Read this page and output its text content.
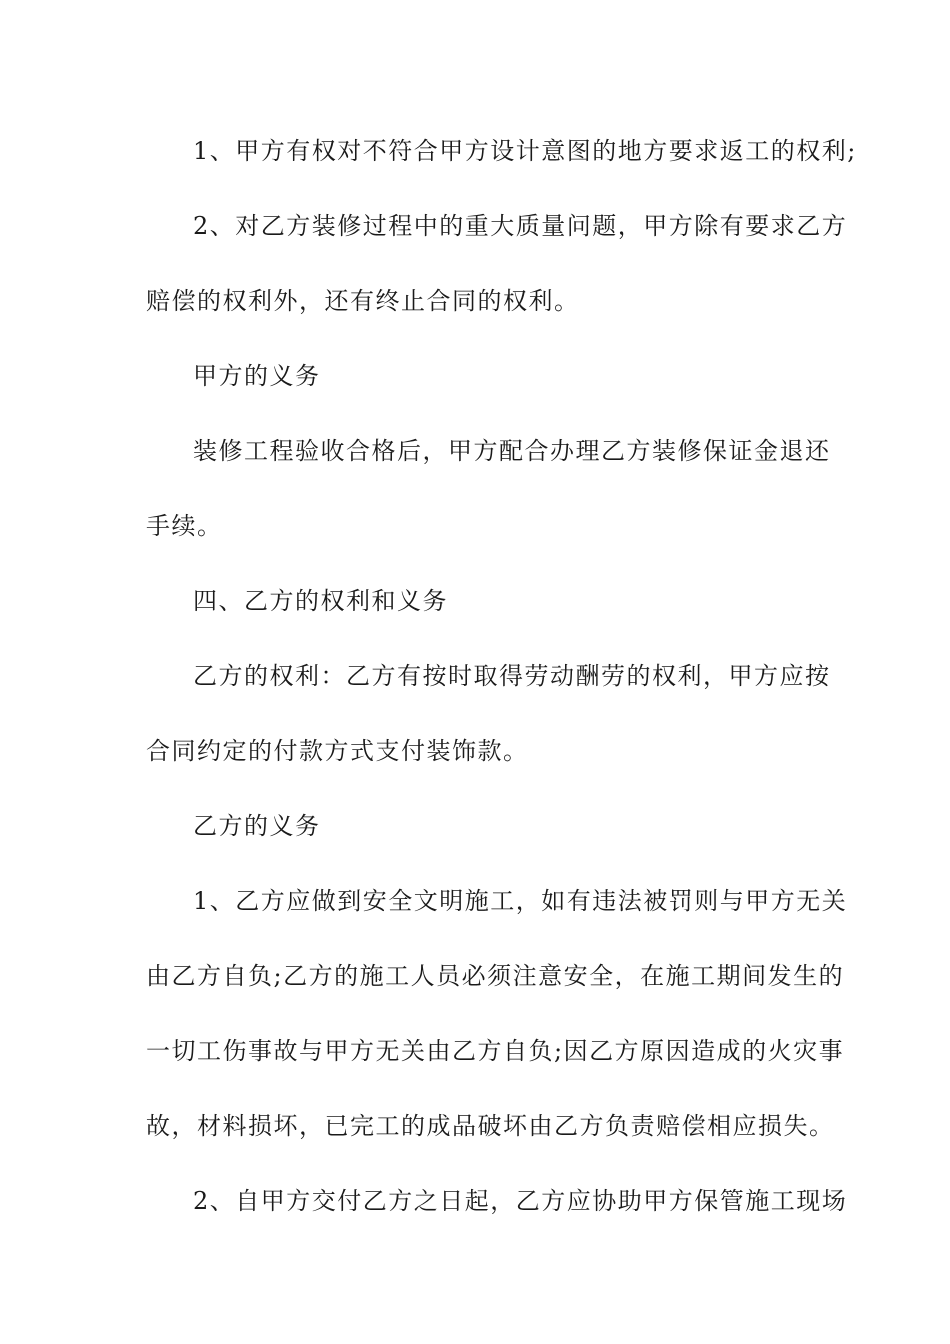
1、甲方有权对不符合甲方设计意图的地方要求返工的权利;
2、对乙方装修过程中的重大质量问题，甲方除有要求乙方
赔偿的权利外，还有终止合同的权利。
甲方的义务
装修工程验收合格后，甲方配合办理乙方装修保证金退还
手续。
四、乙方的权利和义务
乙方的权利：乙方有按时取得劳动酬劳的权利，甲方应按
合同约定的付款方式支付装饰款。
乙方的义务
1、乙方应做到安全文明施工，如有违法被罚则与甲方无关
由乙方自负;乙方的施工人员必须注意安全，在施工期间发生的
一切工伤事故与甲方无关由乙方自负;因乙方原因造成的火灾事
故，材料损坏，已完工的成品破坏由乙方负责赔偿相应损失。
2、自甲方交付乙方之日起，乙方应协助甲方保管施工现场
